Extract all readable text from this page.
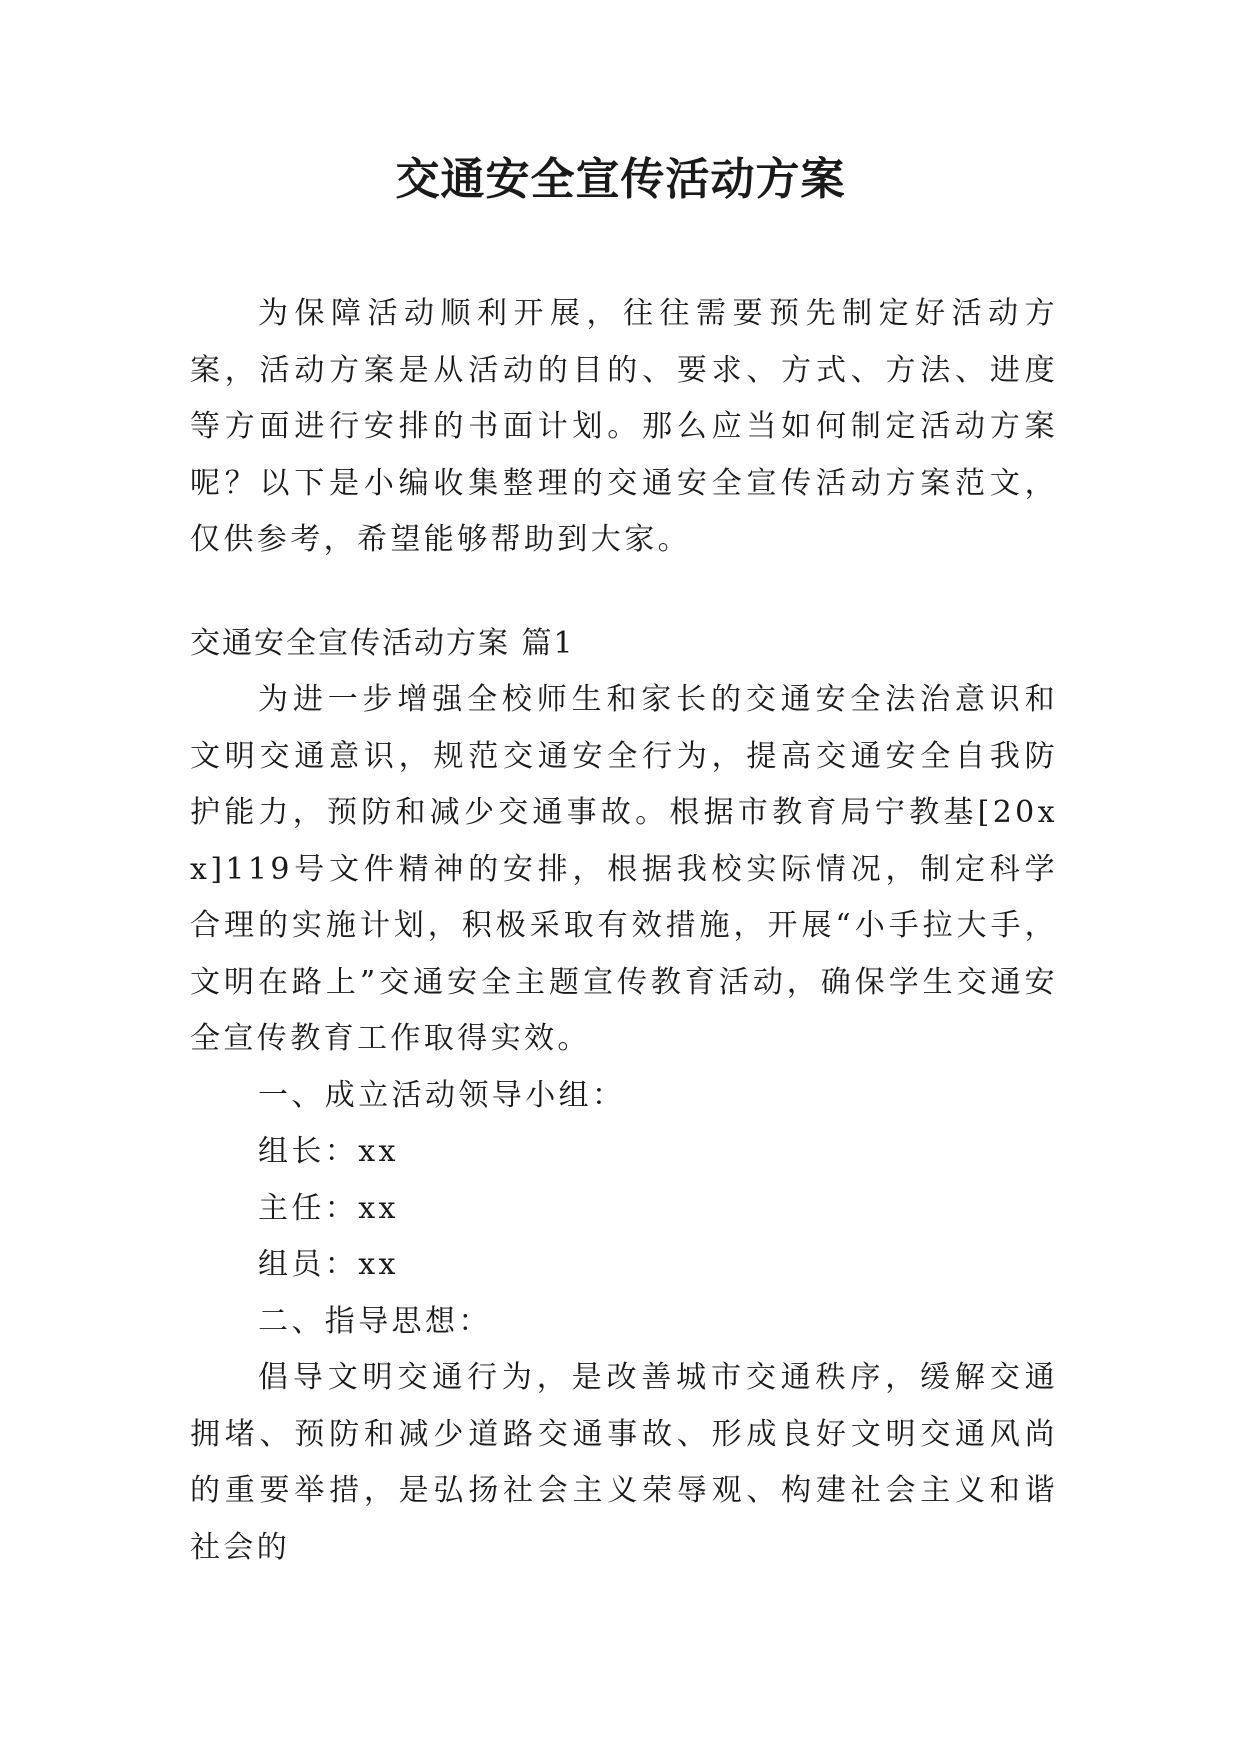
交通安全宣传活动方案

为保障活动顺利开展，往往需要预先制定好活动方案，活动方案是从活动的目的、要求、方式、方法、进度等方面进行安排的书面计划。那么应当如何制定活动方案呢？以下是小编收集整理的交通安全宣传活动方案范文，仅供参考，希望能够帮助到大家。

交通安全宣传活动方案 篇1

为进一步增强全校师生和家长的交通安全法治意识和文明交通意识，规范交通安全行为，提高交通安全自我防护能力，预防和减少交通事故。根据市教育局宁教基[20xx]119号文件精神的安排，根据我校实际情况，制定科学合理的实施计划，积极采取有效措施，开展“小手拉大手，文明在路上”交通安全主题宣传教育活动，确保学生交通安全宣传教育工作取得实效。

一、成立活动领导小组：

组长：xx

主任：xx

组员：xx

二、指导思想：

倡导文明交通行为，是改善城市交通秩序，缓解交通拥堵、预防和减少道路交通事故、形成良好文明交通风尚的重要举措，是弘扬社会主义荣辱观、构建社会主义和谐社会的
